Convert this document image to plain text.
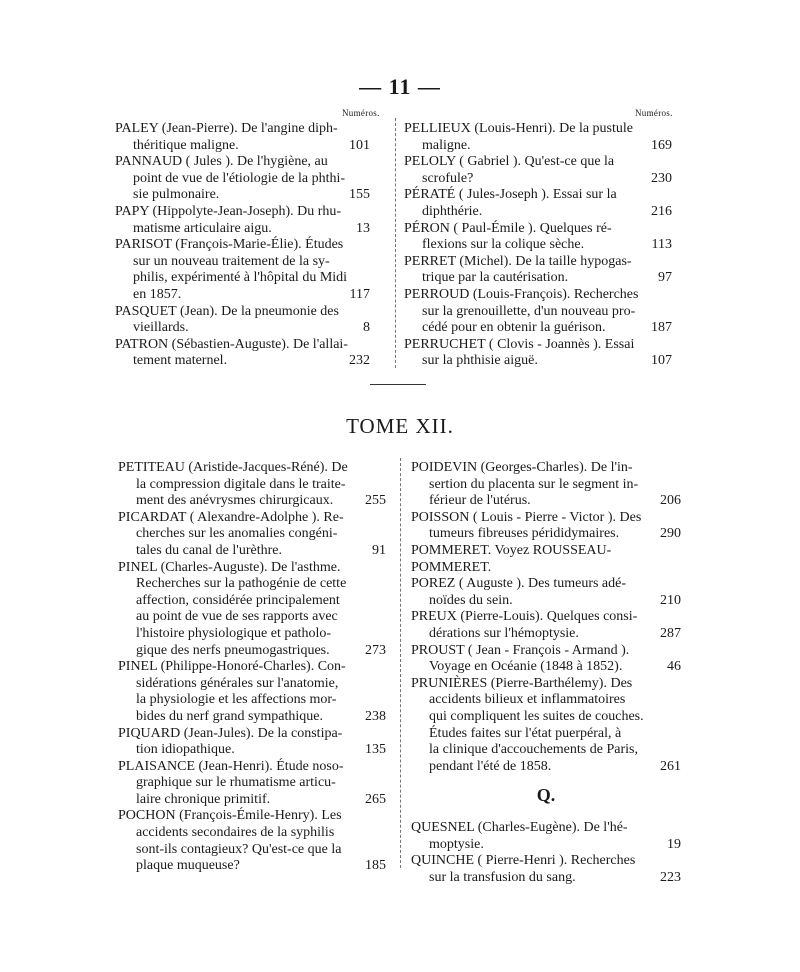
— 11 —
Numéros.	Numéros.
PALEY (Jean-Pierre). De l'angine diph-
théritique maligne.	101
PANNAUD ( Jules ). De l'hygiène, au
point de vue de l'étiologie de la phthi-
sie pulmonaire.	155
PAPY (Hippolyte-Jean-Joseph). Du rhu-
matisme articulaire aigu.	13
PARISOT (François-Marie-Élie). Études
sur un nouveau traitement de la sy-
philis, expérimenté à l'hôpital du Midi
en 1857.	117
PASQUET (Jean). De la pneumonie des
vieillards.	8
PATRON (Sébastien-Auguste). De l'allai-
tement maternel.	232
PELLIEUX (Louis-Henri). De la pustule
maligne.	169
PELOLY ( Gabriel ). Qu'est-ce que la
scrofule?	230
PÉRATÉ ( Jules-Joseph ). Essai sur la
diphthérie.	216
PÉRON ( Paul-Émile ). Quelques ré-
flexions sur la colique sèche.	113
PERRET (Michel). De la taille hypogas-
trique par la cautérisation.	97
PERROUD (Louis-François). Recherches
sur la grenouillette, d'un nouveau pro-
cédé pour en obtenir la guérison.	187
PERRUCHET ( Clovis - Joannès ). Essai
sur la phthisie aiguë.	107
TOME XII.
PETITEAU (Aristide-Jacques-Réné). De
la compression digitale dans le traite-
ment des anévrysmes chirurgicaux.	255
PICARDAT ( Alexandre-Adolphe ). Re-
cherches sur les anomalies congéni-
tales du canal de l'urèthre.	91
PINEL (Charles-Auguste). De l'asthme.
Recherches sur la pathogénie de cette
affection, considérée principalement
au point de vue de ses rapports avec
l'histoire physiologique et patholo-
gique des nerfs pneumogastriques.	273
PINEL (Philippe-Honoré-Charles). Con-
sidérations générales sur l'anatomie,
la physiologie et les affections mor-
bides du nerf grand sympathique.	238
PIQUARD (Jean-Jules). De la constipa-
tion idiopathique.	135
PLAISANCE (Jean-Henri). Étude noso-
graphique sur le rhumatisme articu-
laire chronique primitif.	265
POCHON (François-Émile-Henry). Les
accidents secondaires de la syphilis
sont-ils contagieux? Qu'est-ce que la
plaque muqueuse?	185
POIDEVIN (Georges-Charles). De l'in-
sertion du placenta sur le segment in-
férieur de l'utérus.	206
POISSON ( Louis - Pierre - Victor ). Des
tumeurs fibreuses pérididymaires.	290
POMMERET. Voyez ROUSSEAU-POMMERET.
POREZ ( Auguste ). Des tumeurs adé-
noïdes du sein.	210
PREUX (Pierre-Louis). Quelques consi-
dérations sur l'hémoptysie.	287
PROUST ( Jean - François - Armand ).
Voyage en Océanie (1848 à 1852).	46
PRUNIÈRES (Pierre-Barthélemy). Des
accidents bilieux et inflammatoires
qui compliquent les suites de couches.
Études faites sur l'état puerpéral, à
la clinique d'accouchements de Paris,
pendant l'été de 1858.	261
Q.
QUESNEL (Charles-Eugène). De l'hé-
moptysie.	19
QUINCHE ( Pierre-Henri ). Recherches
sur la transfusion du sang.	223
